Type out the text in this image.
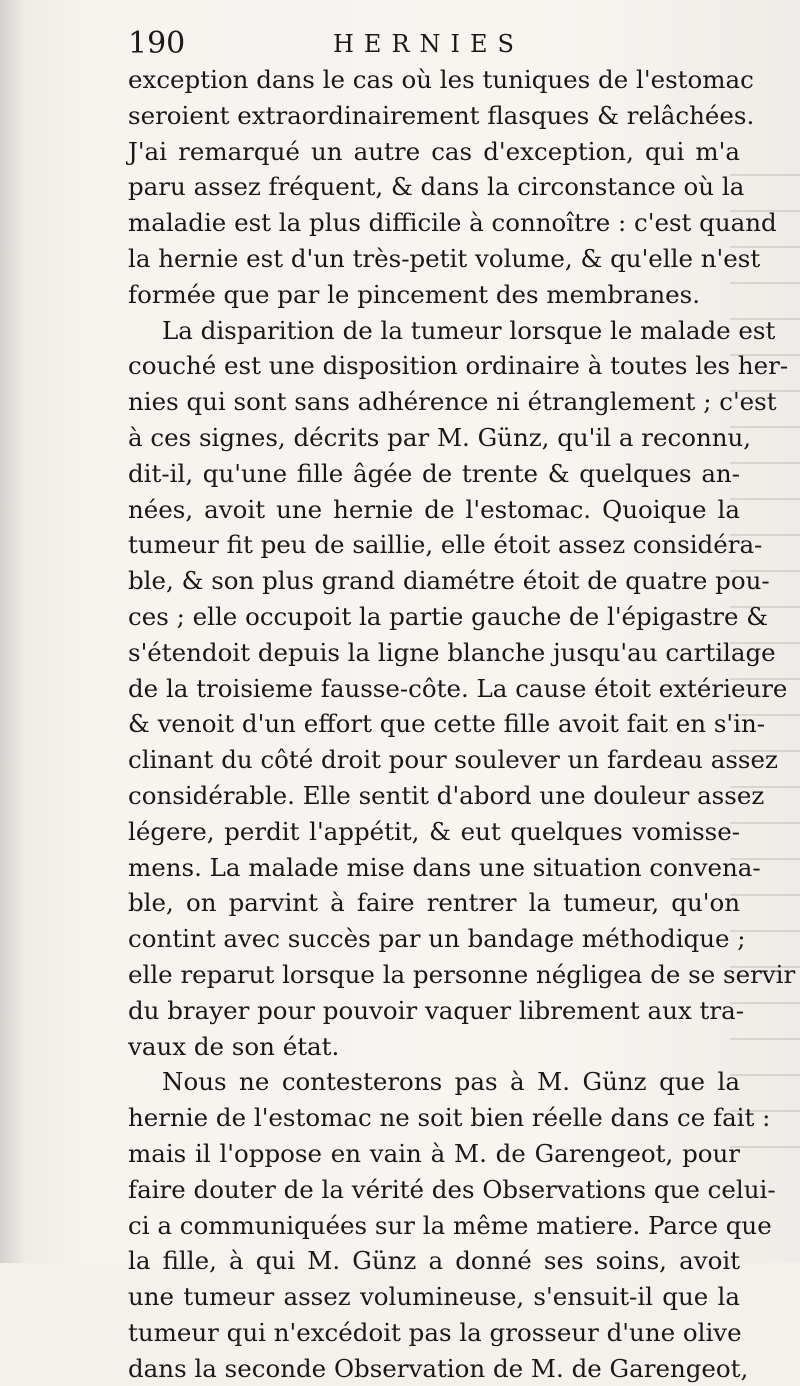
190	HERNIES
exception dans le cas où les tuniques de l'estomac
seroient extraordinairement flasques & relâchées.
J'ai remarqué un autre cas d'exception, qui m'a
paru assez fréquent, & dans la circonstance où la
maladie est la plus difficile à connoître : c'est quand
la hernie est d'un très-petit volume, & qu'elle n'est
formée que par le pincement des membranes.
La disparition de la tumeur lorsque le malade est
couché est une disposition ordinaire à toutes les her-
nies qui sont sans adhérence ni étranglement ; c'est
à ces signes, décrits par M. Günz, qu'il a reconnu,
dit-il, qu'une fille âgée de trente & quelques an-
nées, avoit une hernie de l'estomac. Quoique la
tumeur fit peu de saillie, elle étoit assez considéra-
ble, & son plus grand diamétre étoit de quatre pou-
ces ; elle occupoit la partie gauche de l'épigastre &
s'étendoit depuis la ligne blanche jusqu'au cartilage
de la troisieme fausse-côte. La cause étoit extérieure
& venoit d'un effort que cette fille avoit fait en s'in-
clinant du côté droit pour soulever un fardeau assez
considérable. Elle sentit d'abord une douleur assez
légere, perdit l'appétit, & eut quelques vomisse-
mens. La malade mise dans une situation convena-
ble, on parvint à faire rentrer la tumeur, qu'on
contint avec succès par un bandage méthodique ;
elle reparut lorsque la personne négligea de se servir
du brayer pour pouvoir vaquer librement aux tra-
vaux de son état.
Nous ne contesterons pas à M. Günz que la
hernie de l'estomac ne soit bien réelle dans ce fait :
mais il l'oppose en vain à M. de Garengeot, pour
faire douter de la vérité des Observations que celui-
ci a communiquées sur la même matiere. Parce que
la fille, à qui M. Günz a donné ses soins, avoit
une tumeur assez volumineuse, s'ensuit-il que la
tumeur qui n'excédoit pas la grosseur d'une olive
dans la seconde Observation de M. de Garengeot,
